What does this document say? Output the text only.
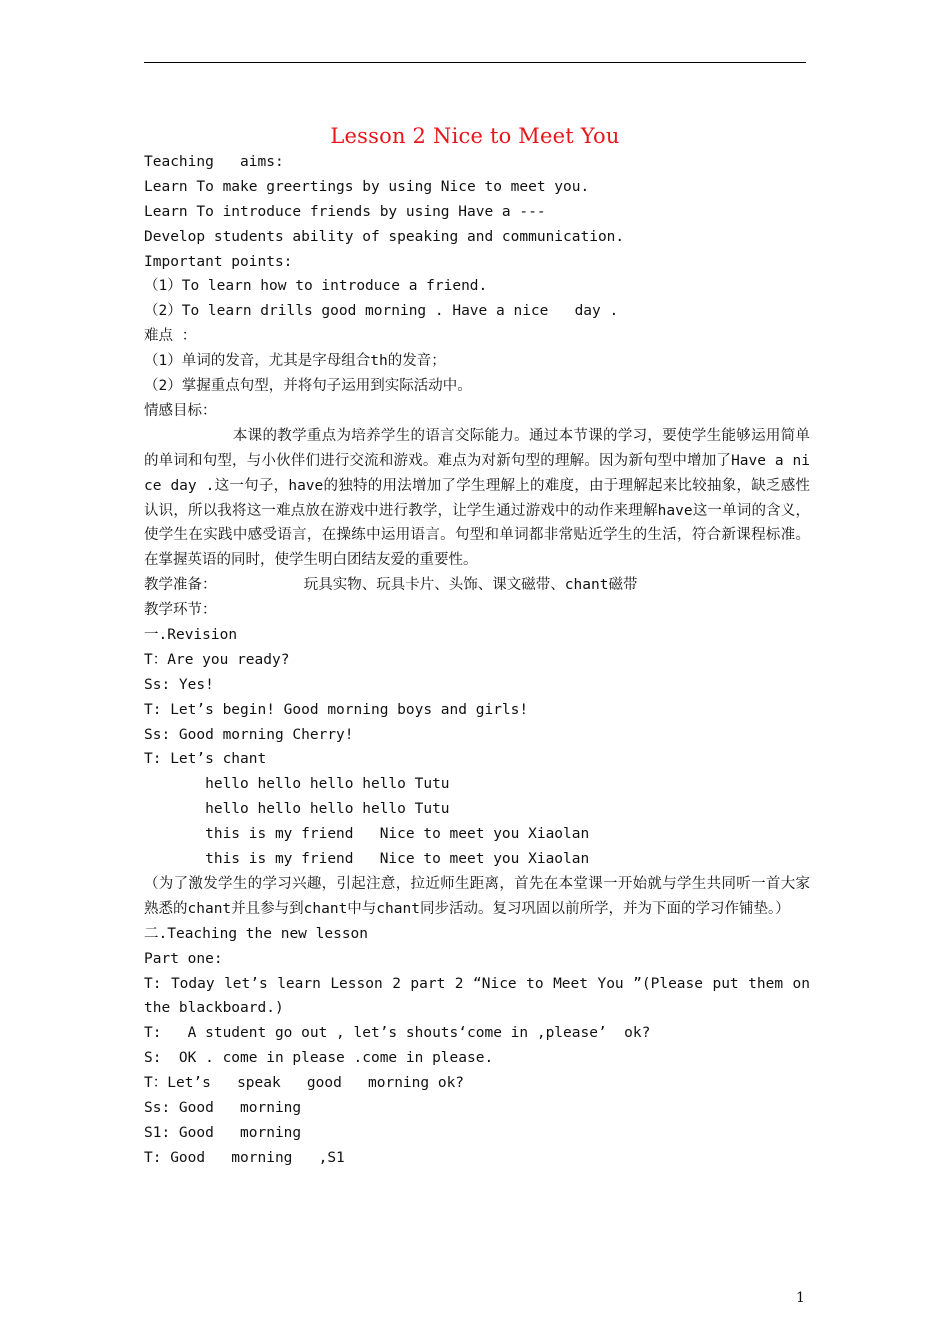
Lesson 2 Nice to Meet You
Teaching   aims:
Learn To make greertings by using Nice to meet you.
Learn To introduce friends by using Have a ---
Develop students ability of speaking and communication.
Important points:
（1）To learn how to introduce a friend.
（2）To learn drills good morning . Have a nice   day .
难点 ：
（1）单词的发音，尤其是字母组合th的发音；
（2）掌握重点句型，并将句子运用到实际活动中。
情感目标：
　　　　　　本课的教学重点为培养学生的语言交际能力。通过本节课的学习，要使学生能够运用简单的单词和句型，与小伙伴们进行交流和游戏。难点为对新句型的理解。因为新句型中增加了Have a nice day .这一句子，have的独特的用法增加了学生理解上的难度，由于理解起来比较抽象，缺乏感性认识，所以我将这一难点放在游戏中进行教学，让学生通过游戏中的动作来理解have这一单词的含义，使学生在实践中感受语言，在操练中运用语言。句型和单词都非常贴近学生的生活，符合新课程标准。在掌握英语的同时，使学生明白团结友爱的重要性。
教学准备：          玩具实物、玩具卡片、头饰、课文磁带、chant磁带
教学环节：
一.Revision
T：Are you ready?
Ss: Yes!
T: Let’s begin! Good morning boys and girls!
Ss: Good morning Cherry!
T: Let’s chant
hello hello hello hello Tutu
hello hello hello hello Tutu
this is my friend   Nice to meet you Xiaolan
this is my friend   Nice to meet you Xiaolan
（为了激发学生的学习兴趣，引起注意，拉近师生距离，首先在本堂课一开始就与学生共同听一首大家熟悉的chant并且参与到chant中与chant同步活动。复习巩固以前所学，并为下面的学习作铺垫。）
二.Teaching the new lesson
Part one:
T: Today let’s learn Lesson 2 part 2 “Nice to Meet You ”(Please put them on the blackboard.)
T:   A student go out , let’s shouts‘come in ,please’  ok?
S:  OK . come in please .come in please.
T：Let’s   speak   good   morning ok?
Ss: Good   morning
S1: Good   morning
T: Good   morning   ,S1
1
